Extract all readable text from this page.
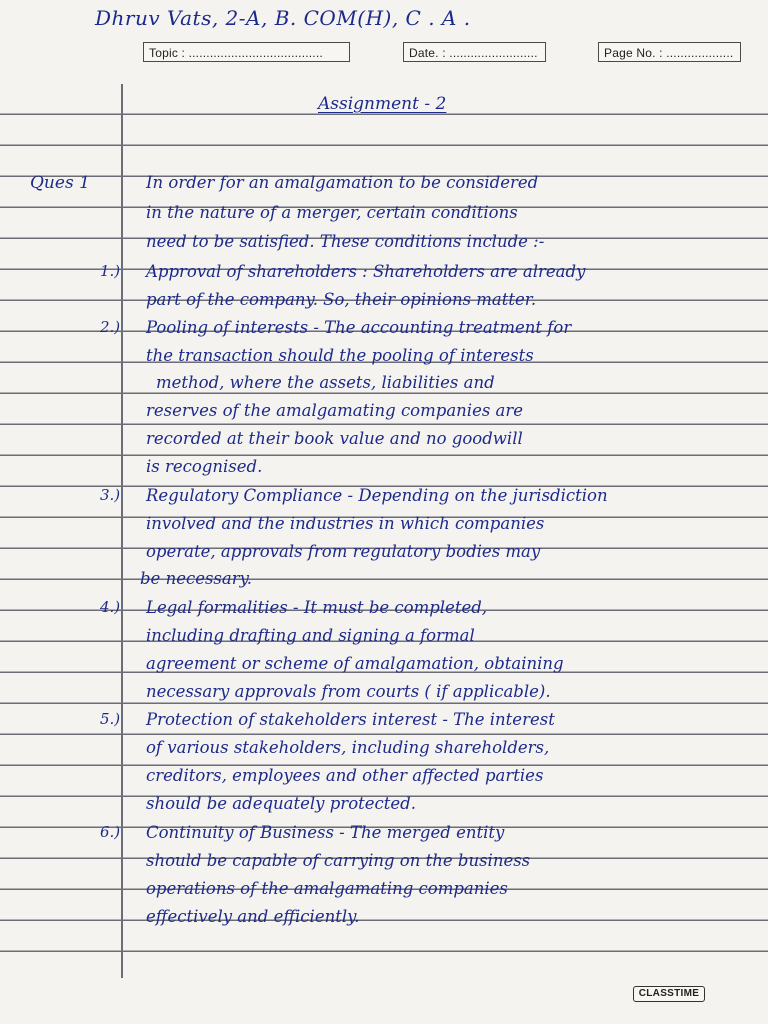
Dhruv Vats, 2-A, B. COM(H), C . A .
Topic : ......................................	Date. : .........................	Page No. : ...................
Assignment - 2
Ques 1	In order for an amalgamation to be considered
in the nature of a merger, certain conditions
need to be satisfied. These conditions include :-
1.) Approval of shareholders : Shareholders are already
part of the company. So, their opinions matter.
2.) Pooling of interests - The accounting treatment for
the transaction should the pooling of interests
method, where the assets, liabilities and
reserves of the amalgamating companies are
recorded at their book value and no goodwill
is recognised.
3.) Regulatory Compliance - Depending on the jurisdiction
involved and the industries in which companies
operate, approvals from regulatory bodies may
be necessary.
4.) Legal formalities - It must be completed,
including drafting and signing a formal
agreement or scheme of amalgamation, obtaining
necessary approvals from courts ( if applicable).
5.) Protection of stakeholders interest - The interest
of various stakeholders, including shareholders,
creditors, employees and other affected parties
should be adequately protected.
6.) Continuity of Business - The merged entity
should be capable of carrying on the business
operations of the amalgamating companies
effectively and efficiently.
CLASSTIME
